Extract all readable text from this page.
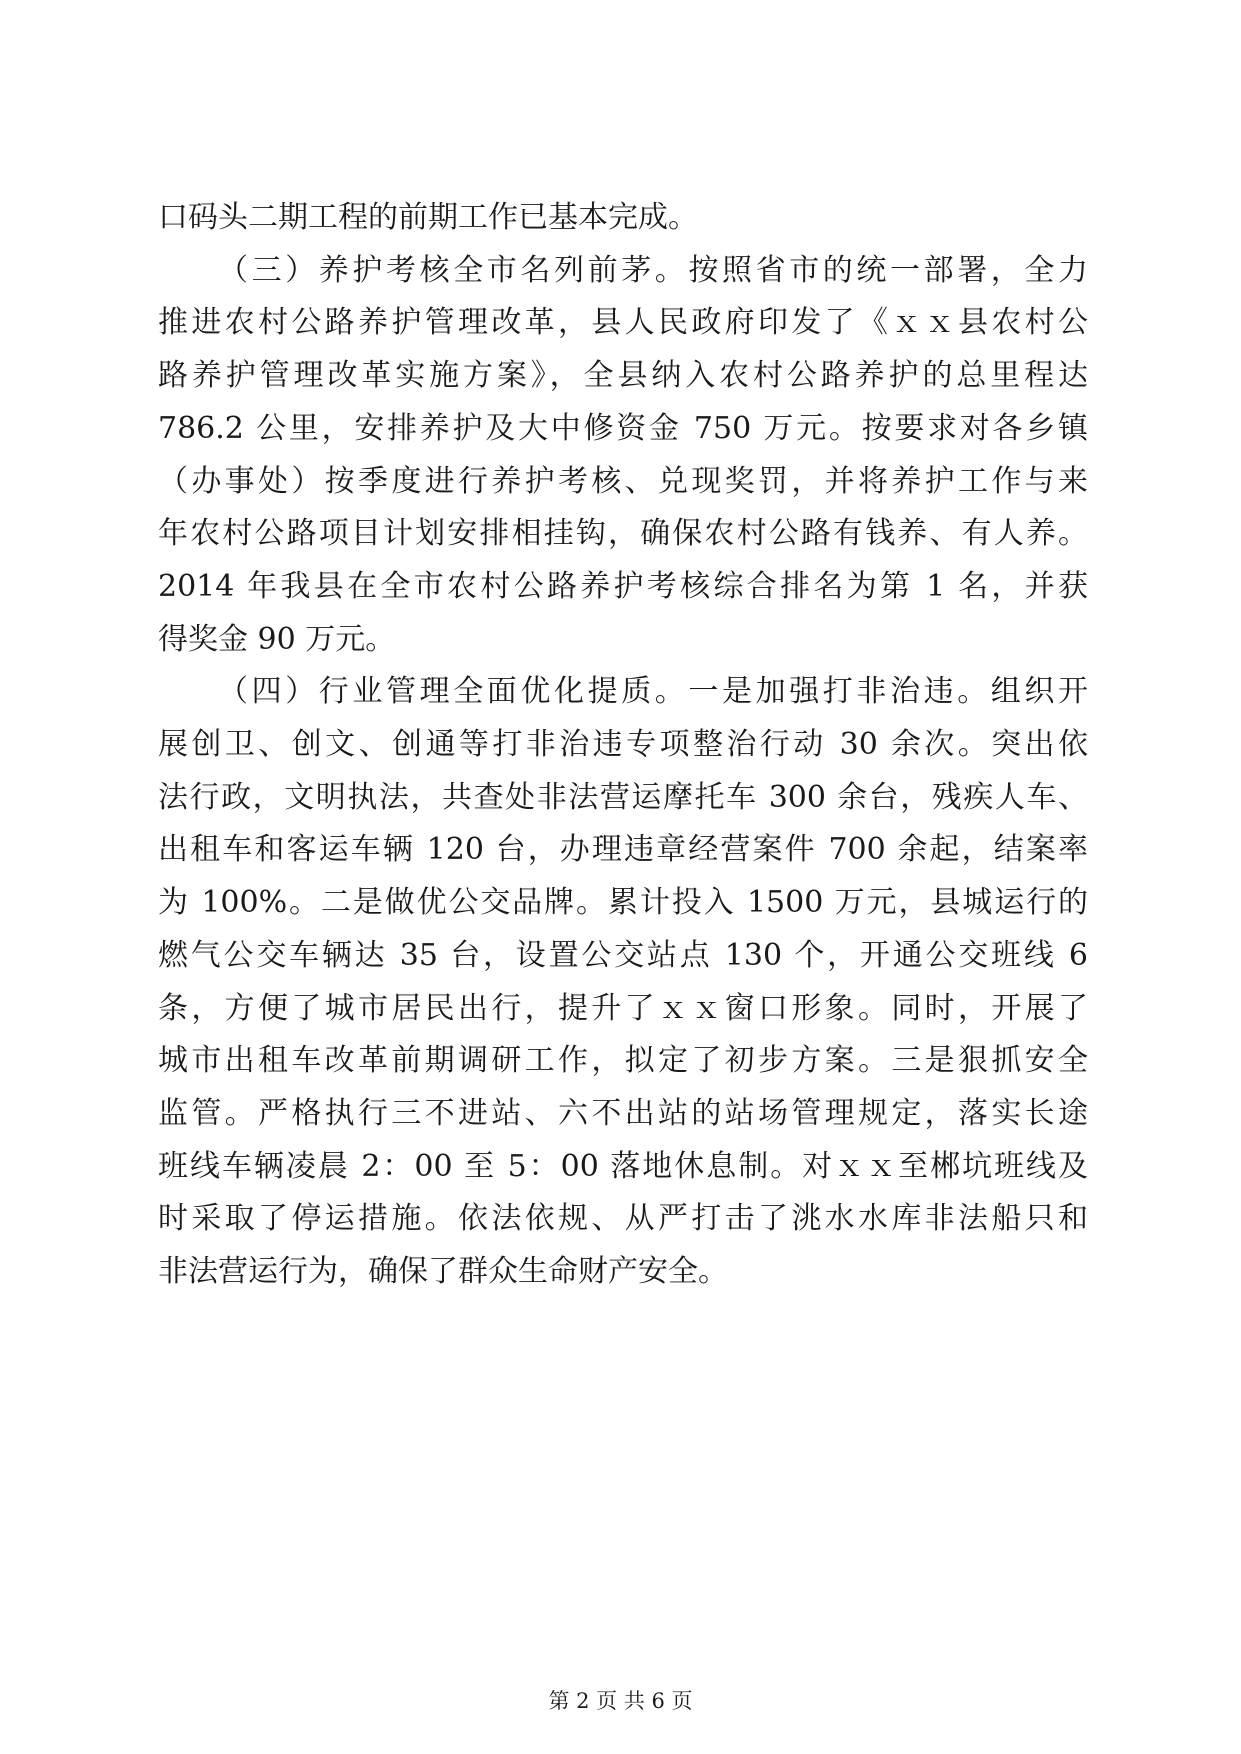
口码头二期工程的前期工作已基本完成。
（三）养护考核全市名列前茅。按照省市的统一部署，全力
推进农村公路养护管理改革，县人民政府印发了《ｘｘ县农村公
路养护管理改革实施方案》，全县纳入农村公路养护的总里程达
786.2 公里，安排养护及大中修资金 750 万元。按要求对各乡镇
（办事处）按季度进行养护考核、兑现奖罚，并将养护工作与来
年农村公路项目计划安排相挂钩，确保农村公路有钱养、有人养。
2014 年我县在全市农村公路养护考核综合排名为第 1 名，并获
得奖金 90 万元。
（四）行业管理全面优化提质。一是加强打非治违。组织开
展创卫、创文、创通等打非治违专项整治行动 30 余次。突出依
法行政，文明执法，共查处非法营运摩托车 300 余台，残疾人车、
出租车和客运车辆 120 台，办理违章经营案件 700 余起，结案率
为 100%。二是做优公交品牌。累计投入 1500 万元，县城运行的
燃气公交车辆达 35 台，设置公交站点 130 个，开通公交班线 6
条，方便了城市居民出行，提升了ｘｘ窗口形象。同时，开展了
城市出租车改革前期调研工作，拟定了初步方案。三是狠抓安全
监管。严格执行三不进站、六不出站的站场管理规定，落实长途
班线车辆凌晨 2：00 至 5：00 落地休息制。对ｘｘ至郴坑班线及
时采取了停运措施。依法依规、从严打击了洮水水库非法船只和
非法营运行为，确保了群众生命财产安全。
第 2 页 共 6 页
